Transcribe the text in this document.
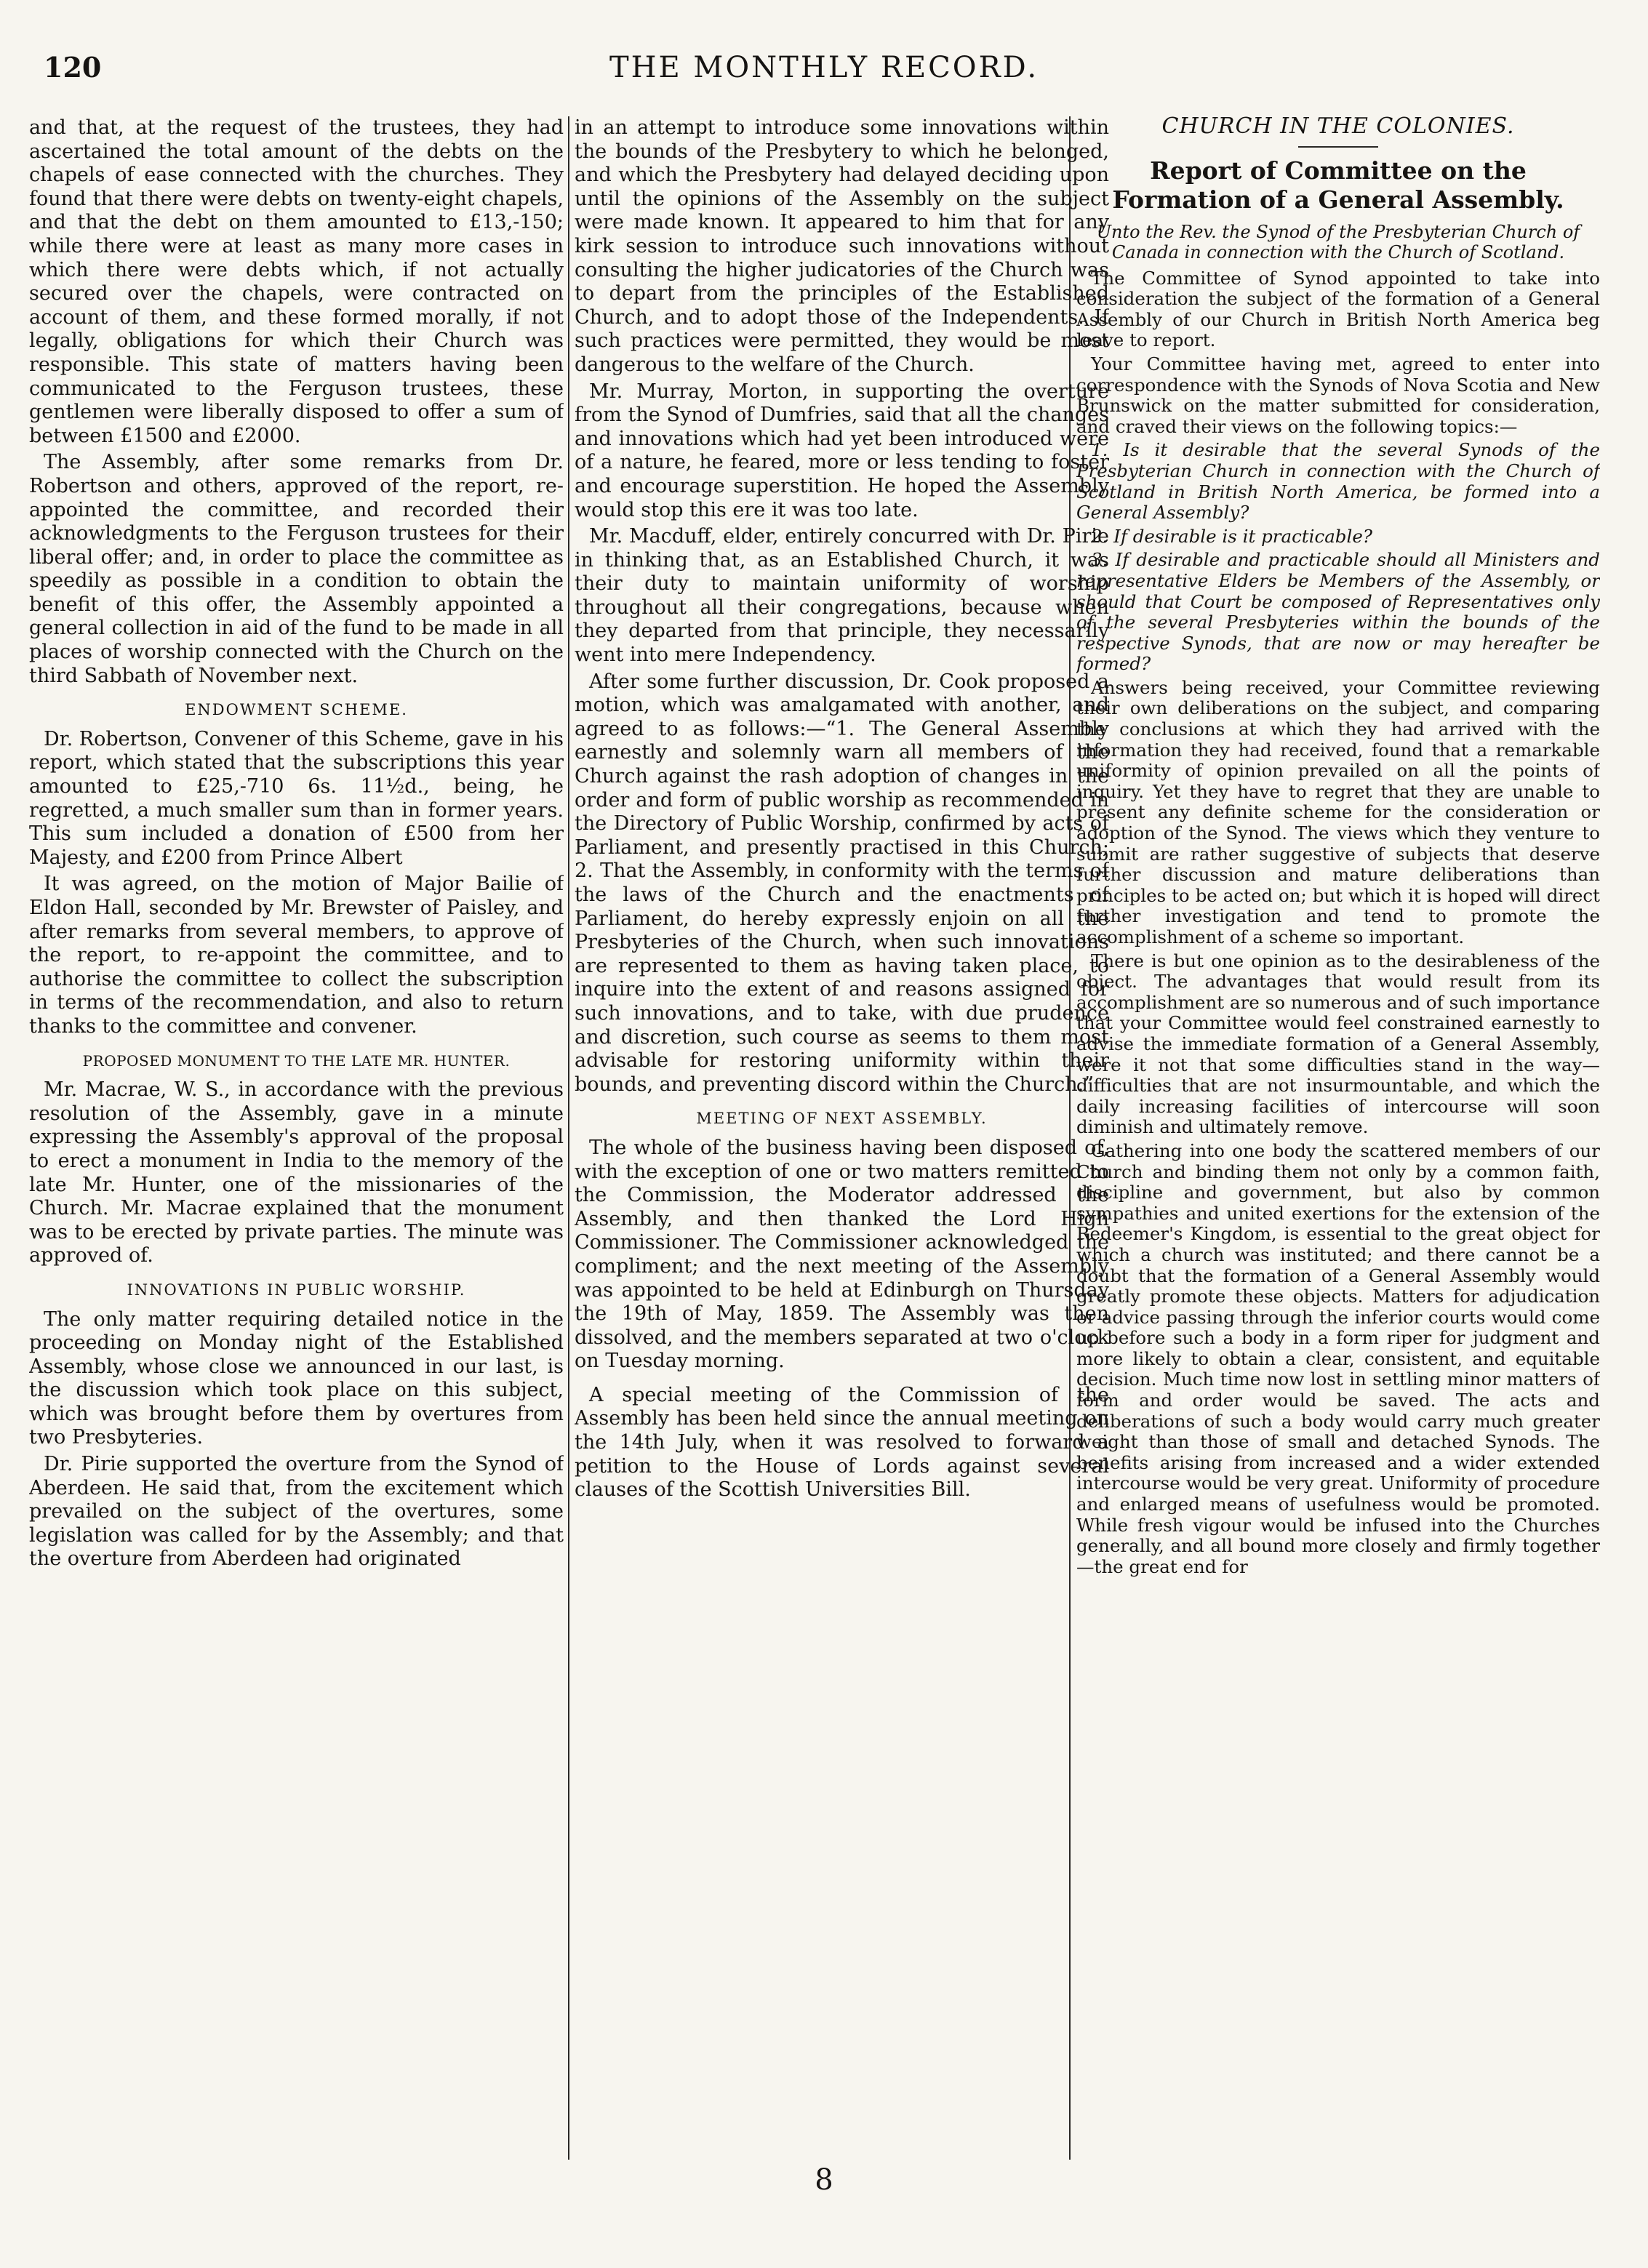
120	THE MONTHLY RECORD.

and that, at the request of the trustees, they had ascertained the total amount of the debts on the chapels of ease connected with the churches. They found that there were debts on twenty-eight chapels, and that the debt on them amounted to £13,-150; while there were at least as many more cases in which there were debts which, if not actually secured over the chapels, were contracted on account of them, and these formed morally, if not legally, obligations for which their Church was responsible. This state of matters having been communicated to the Ferguson trustees, these gentlemen were liberally disposed to offer a sum of between £1500 and £2000.

The Assembly, after some remarks from Dr. Robertson and others, approved of the report, re-appointed the committee, and recorded their acknowledgments to the Ferguson trustees for their liberal offer; and, in order to place the committee as speedily as possible in a condition to obtain the benefit of this offer, the Assembly appointed a general collection in aid of the fund to be made in all places of worship connected with the Church on the third Sabbath of November next.

ENDOWMENT SCHEME.

Dr. Robertson, Convener of this Scheme, gave in his report, which stated that the subscriptions this year amounted to £25,-710 6s. 11½d., being, he regretted, a much smaller sum than in former years. This sum included a donation of £500 from her Majesty, and £200 from Prince Albert

It was agreed, on the motion of Major Bailie of Eldon Hall, seconded by Mr. Brewster of Paisley, and after remarks from several members, to approve of the report, to re-appoint the committee, and to authorise the committee to collect the subscription in terms of the recommendation, and also to return thanks to the committee and convener.

PROPOSED MONUMENT TO THE LATE MR. HUNTER.

Mr. Macrae, W. S., in accordance with the previous resolution of the Assembly, gave in a minute expressing the Assembly's approval of the proposal to erect a monument in India to the memory of the late Mr. Hunter, one of the missionaries of the Church. Mr. Macrae explained that the monument was to be erected by private parties. The minute was approved of.

INNOVATIONS IN PUBLIC WORSHIP.

The only matter requiring detailed notice in the proceeding on Monday night of the Established Assembly, whose close we announced in our last, is the discussion which took place on this subject, which was brought before them by overtures from two Presbyteries.

Dr. Pirie supported the overture from the Synod of Aberdeen. He said that, from the excitement which prevailed on the subject of the overtures, some legislation was called for by the Assembly; and that the overture from Aberdeen had originated

in an attempt to introduce some innovations within the bounds of the Presbytery to which he belonged, and which the Presbytery had delayed deciding upon until the opinions of the Assembly on the subject were made known. It appeared to him that for any kirk session to introduce such innovations without consulting the higher judicatories of the Church was to depart from the principles of the Established Church, and to adopt those of the Independents. If such practices were permitted, they would be most dangerous to the welfare of the Church.

Mr. Murray, Morton, in supporting the overture from the Synod of Dumfries, said that all the changes and innovations which had yet been introduced were of a nature, he feared, more or less tending to foster and encourage superstition. He hoped the Assembly would stop this ere it was too late.

Mr. Macduff, elder, entirely concurred with Dr. Pirie in thinking that, as an Established Church, it was their duty to maintain uniformity of worship throughout all their congregations, because when they departed from that principle, they necessarily went into mere Independency.

After some further discussion, Dr. Cook proposed a motion, which was amalgamated with another, and agreed to as follows:—“1. The General Assembly earnestly and solemnly warn all members of the Church against the rash adoption of changes in the order and form of public worship as recommended in the Directory of Public Worship, confirmed by acts of Parliament, and presently practised in this Church; 2. That the Assembly, in conformity with the terms of the laws of the Church and the enactments of Parliament, do hereby expressly enjoin on all the Presbyteries of the Church, when such innovations are represented to them as having taken place, to inquire into the extent of and reasons assigned for such innovations, and to take, with due prudence and discretion, such course as seems to them most advisable for restoring uniformity within their bounds, and preventing discord within the Church.”

MEETING OF NEXT ASSEMBLY.

The whole of the business having been disposed of, with the exception of one or two matters remitted to the Commission, the Moderator addressed the Assembly, and then thanked the Lord High Commissioner. The Commissioner acknowledged the compliment; and the next meeting of the Assembly was appointed to be held at Edinburgh on Thursday the 19th of May, 1859. The Assembly was then dissolved, and the members separated at two o'clock on Tuesday morning.

A special meeting of the Commission of the Assembly has been held since the annual meeting on the 14th July, when it was resolved to forward a petition to the House of Lords against several clauses of the Scottish Universities Bill.

CHURCH IN THE COLONIES.
Report of Committee on the Formation of a General Assembly.
Unto the Rev. the Synod of the Presbyterian Church of Canada in connection with the Church of Scotland.

The Committee of Synod appointed to take into consideration the subject of the formation of a General Assembly of our Church in British North America beg leave to report.

Your Committee having met, agreed to enter into correspondence with the Synods of Nova Scotia and New Brunswick on the matter submitted for consideration, and craved their views on the following topics:—

1. Is it desirable that the several Synods of the Presbyterian Church in connection with the Church of Scotland in British North America, be formed into a General Assembly?

2. If desirable is it practicable?

3. If desirable and practicable should all Ministers and representative Elders be Members of the Assembly, or should that Court be composed of Representatives only of the several Presbyteries within the bounds of the respective Synods, that are now or may hereafter be formed?

Answers being received, your Committee reviewing their own deliberations on the subject, and comparing the conclusions at which they had arrived with the information they had received, found that a remarkable uniformity of opinion prevailed on all the points of inquiry. Yet they have to regret that they are unable to present any definite scheme for the consideration or adoption of the Synod. The views which they venture to submit are rather suggestive of subjects that deserve further discussion and mature deliberations than principles to be acted on; but which it is hoped will direct further investigation and tend to promote the accomplishment of a scheme so important.

There is but one opinion as to the desirableness of the object. The advantages that would result from its accomplishment are so numerous and of such importance that your Committee would feel constrained earnestly to advise the immediate formation of a General Assembly, were it not that some difficulties stand in the way—difficulties that are not insurmountable, and which the daily increasing facilities of intercourse will soon diminish and ultimately remove.

Gathering into one body the scattered members of our Church and binding them not only by a common faith, discipline and government, but also by common sympathies and united exertions for the extension of the Redeemer's Kingdom, is essential to the great object for which a church was instituted; and there cannot be a doubt that the formation of a General Assembly would greatly promote these objects. Matters for adjudication or advice passing through the inferior courts would come up before such a body in a form riper for judgment and more likely to obtain a clear, consistent, and equitable decision. Much time now lost in settling minor matters of form and order would be saved. The acts and deliberations of such a body would carry much greater weight than those of small and detached Synods. The benefits arising from increased and a wider extended intercourse would be very great. Uniformity of procedure and enlarged means of usefulness would be promoted. While fresh vigour would be infused into the Churches generally, and all bound more closely and firmly together—the great end for

8
